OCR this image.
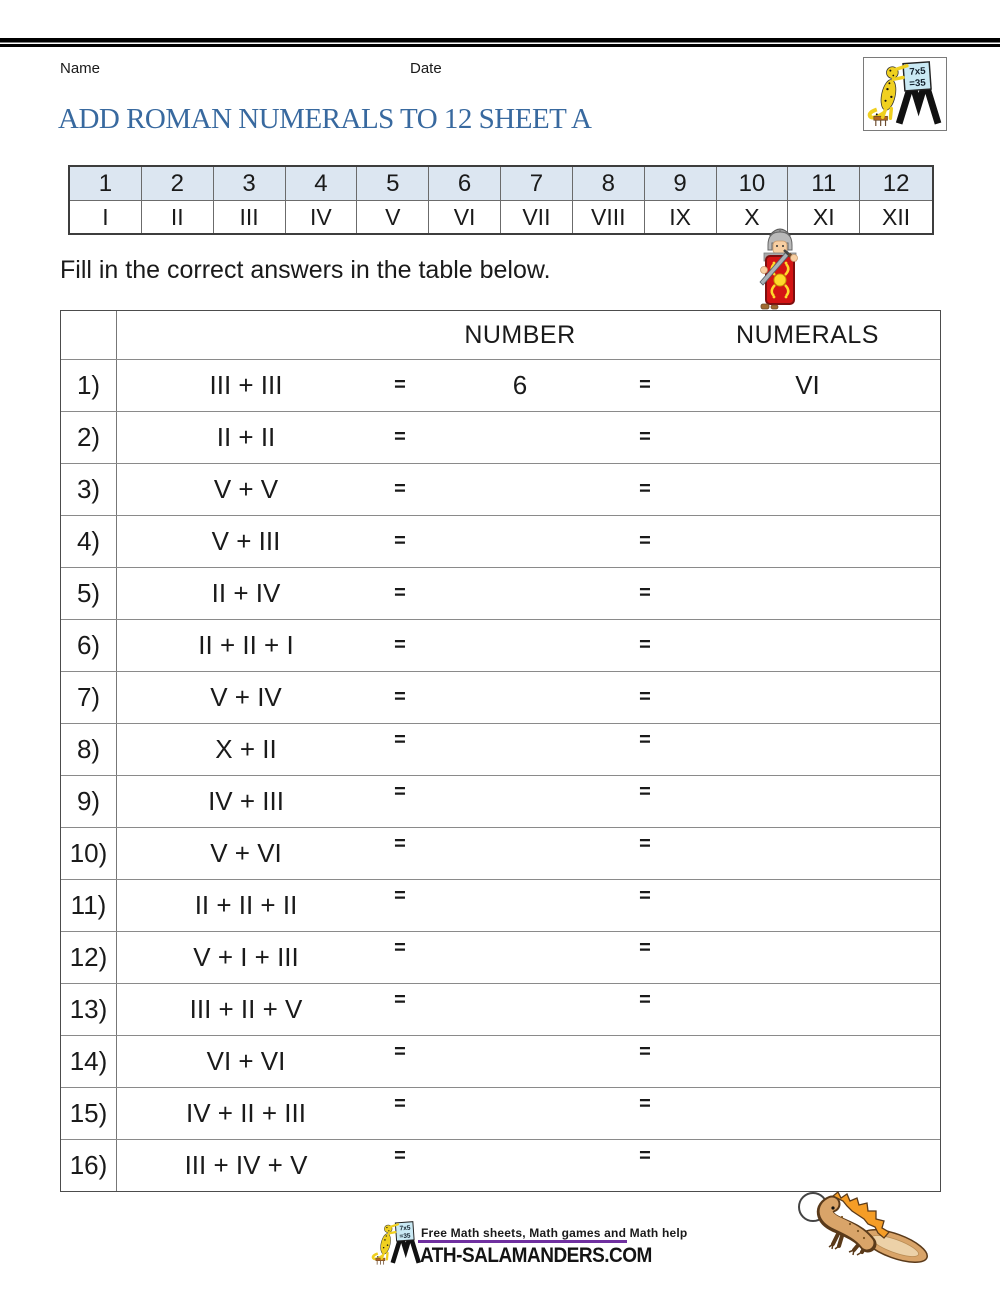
Name	Date
ADD ROMAN NUMERALS TO 12 SHEET A
1	2	3	4	5	6	7	8	9	10	11	12
I	II	III	IV	V	VI	VII	VIII	IX	X	XI	XII
Fill in the correct answers in the table below.
NUMBER	NUMERALS
1)	III + III	=	6	=	VI
2)	II + II	=	=
3)	V + V	=	=
4)	V + III	=	=
5)	II + IV	=	=
6)	II + II + I	=	=
7)	V + IV	=	=
8)	X + II	=	=
9)	IV + III	=	=
10)	V + VI	=	=
11)	II + II + II	=	=
12)	V + I + III	=	=
13)	III + II + V	=	=
14)	VI + VI	=	=
15)	IV + II + III	=	=
16)	III + IV + V	=	=
Free Math sheets, Math games and Math help
ATH-SALAMANDERS.COM
